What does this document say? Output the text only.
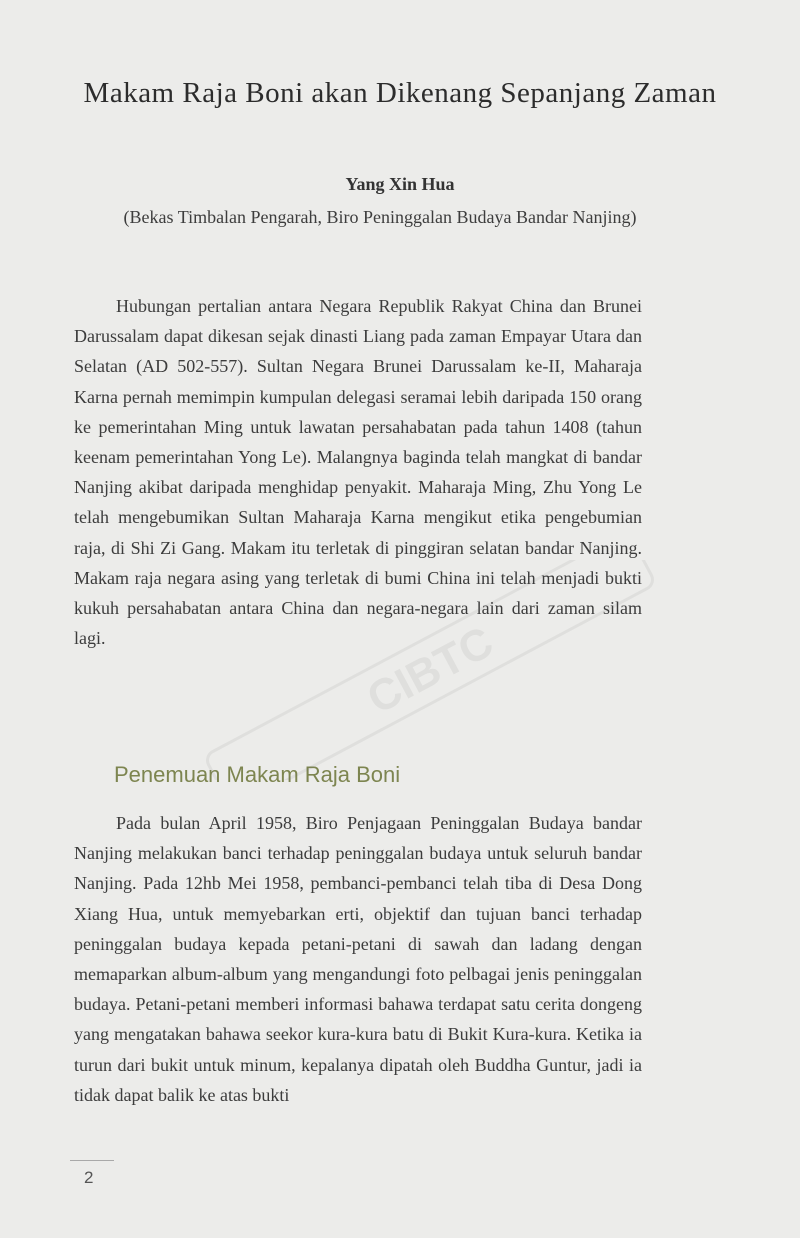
Makam Raja Boni akan Dikenang Sepanjang Zaman
Yang Xin Hua
(Bekas Timbalan Pengarah, Biro Peninggalan Budaya Bandar Nanjing)

Hubungan pertalian antara Negara Republik Rakyat China dan Brunei Darussalam dapat dikesan sejak dinasti Liang pada zaman Empayar Utara dan Selatan (AD 502-557). Sultan Negara Brunei Darussalam ke-II, Maharaja Karna pernah memimpin kumpulan delegasi seramai lebih daripada 150 orang ke pemerintahan Ming untuk lawatan persahabatan pada tahun 1408 (tahun keenam pemerintahan Yong Le). Malangnya baginda telah mangkat di bandar Nanjing akibat daripada menghidap penyakit. Maharaja Ming, Zhu Yong Le telah mengebumikan Sultan Maharaja Karna mengikut etika pengebumian raja, di Shi Zi Gang. Makam itu terletak di pinggiran selatan bandar Nanjing. Makam raja negara asing yang terletak di bumi China ini telah menjadi bukti kukuh persahabatan antara China dan negara-negara lain dari zaman silam lagi.

Penemuan Makam Raja Boni

Pada bulan April 1958, Biro Penjagaan Peninggalan Budaya bandar Nanjing melakukan banci terhadap peninggalan budaya untuk seluruh bandar Nanjing. Pada 12hb Mei 1958, pembanci-pembanci telah tiba di Desa Dong Xiang Hua, untuk memyebarkan erti, objektif dan tujuan banci terhadap peninggalan budaya kepada petani-petani di sawah dan ladang dengan memaparkan album-album yang mengandungi foto pelbagai jenis peninggalan budaya. Petani-petani memberi informasi bahawa terdapat satu cerita dongeng yang mengatakan bahawa seekor kura-kura batu di Bukit Kura-kura. Ketika ia turun dari bukit untuk minum, kepalanya dipatah oleh Buddha Guntur, jadi ia tidak dapat balik ke atas bukti

2
CIBTC
